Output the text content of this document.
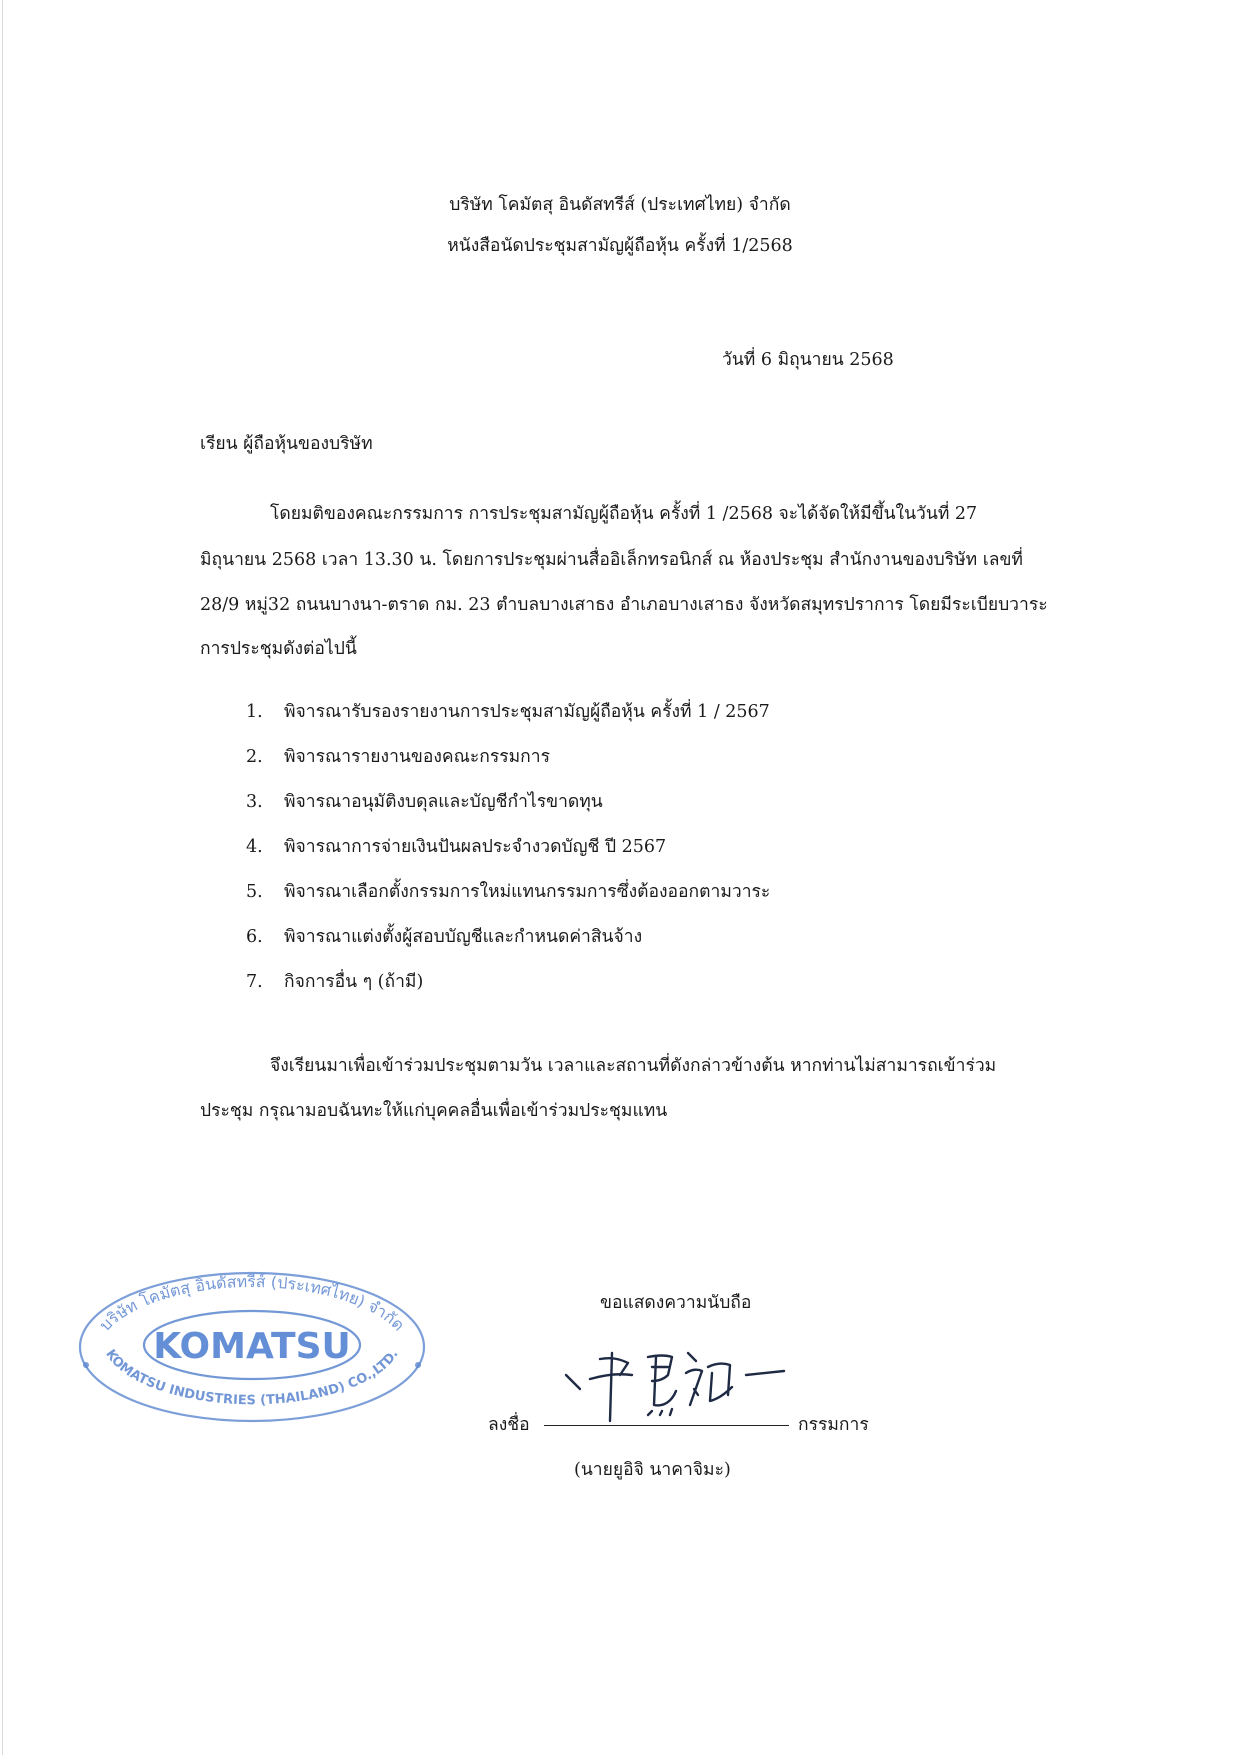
บริษัท โคมัตสุ อินดัสทรีส์ (ประเทศไทย) จำกัด
หนังสือนัดประชุมสามัญผู้ถือหุ้น ครั้งที่ 1/2568
วันที่ 6 มิถุนายน 2568
เรียน ผู้ถือหุ้นของบริษัท
โดยมติของคณะกรรมการ การประชุมสามัญผู้ถือหุ้น ครั้งที่ 1 /2568 จะได้จัดให้มีขึ้นในวันที่ 27
มิถุนายน 2568 เวลา 13.30 น. โดยการประชุมผ่านสื่ออิเล็กทรอนิกส์ ณ ห้องประชุม สำนักงานของบริษัท เลขที่
28/9 หมู่32 ถนนบางนา-ตราด กม. 23 ตำบลบางเสาธง อำเภอบางเสาธง จังหวัดสมุทรปราการ โดยมีระเบียบวาระ
การประชุมดังต่อไปนี้
1.	พิจารณารับรองรายงานการประชุมสามัญผู้ถือหุ้น ครั้งที่ 1 / 2567
2.	พิจารณารายงานของคณะกรรมการ
3.	พิจารณาอนุมัติงบดุลและบัญชีกำไรขาดทุน
4.	พิจารณาการจ่ายเงินปันผลประจำงวดบัญชี ปี 2567
5.	พิจารณาเลือกตั้งกรรมการใหม่แทนกรรมการซึ่งต้องออกตามวาระ
6.	พิจารณาแต่งตั้งผู้สอบบัญชีและกำหนดค่าสินจ้าง
7.	กิจการอื่น ๆ (ถ้ามี)
จึงเรียนมาเพื่อเข้าร่วมประชุมตามวัน เวลาและสถานที่ดังกล่าวข้างต้น หากท่านไม่สามารถเข้าร่วม
ประชุม กรุณามอบฉันทะให้แก่บุคคลอื่นเพื่อเข้าร่วมประชุมแทน
ขอแสดงความนับถือ
บริษัท โคมัตสุ อินดัสทรีส์ (ประเทศไทย) จำกัด
KOMATSU INDUSTRIES (THAILAND) CO.,LTD.
KOMATSU
ลงชื่อ	กรรมการ
(นายยูอิจิ นาคาจิมะ)
